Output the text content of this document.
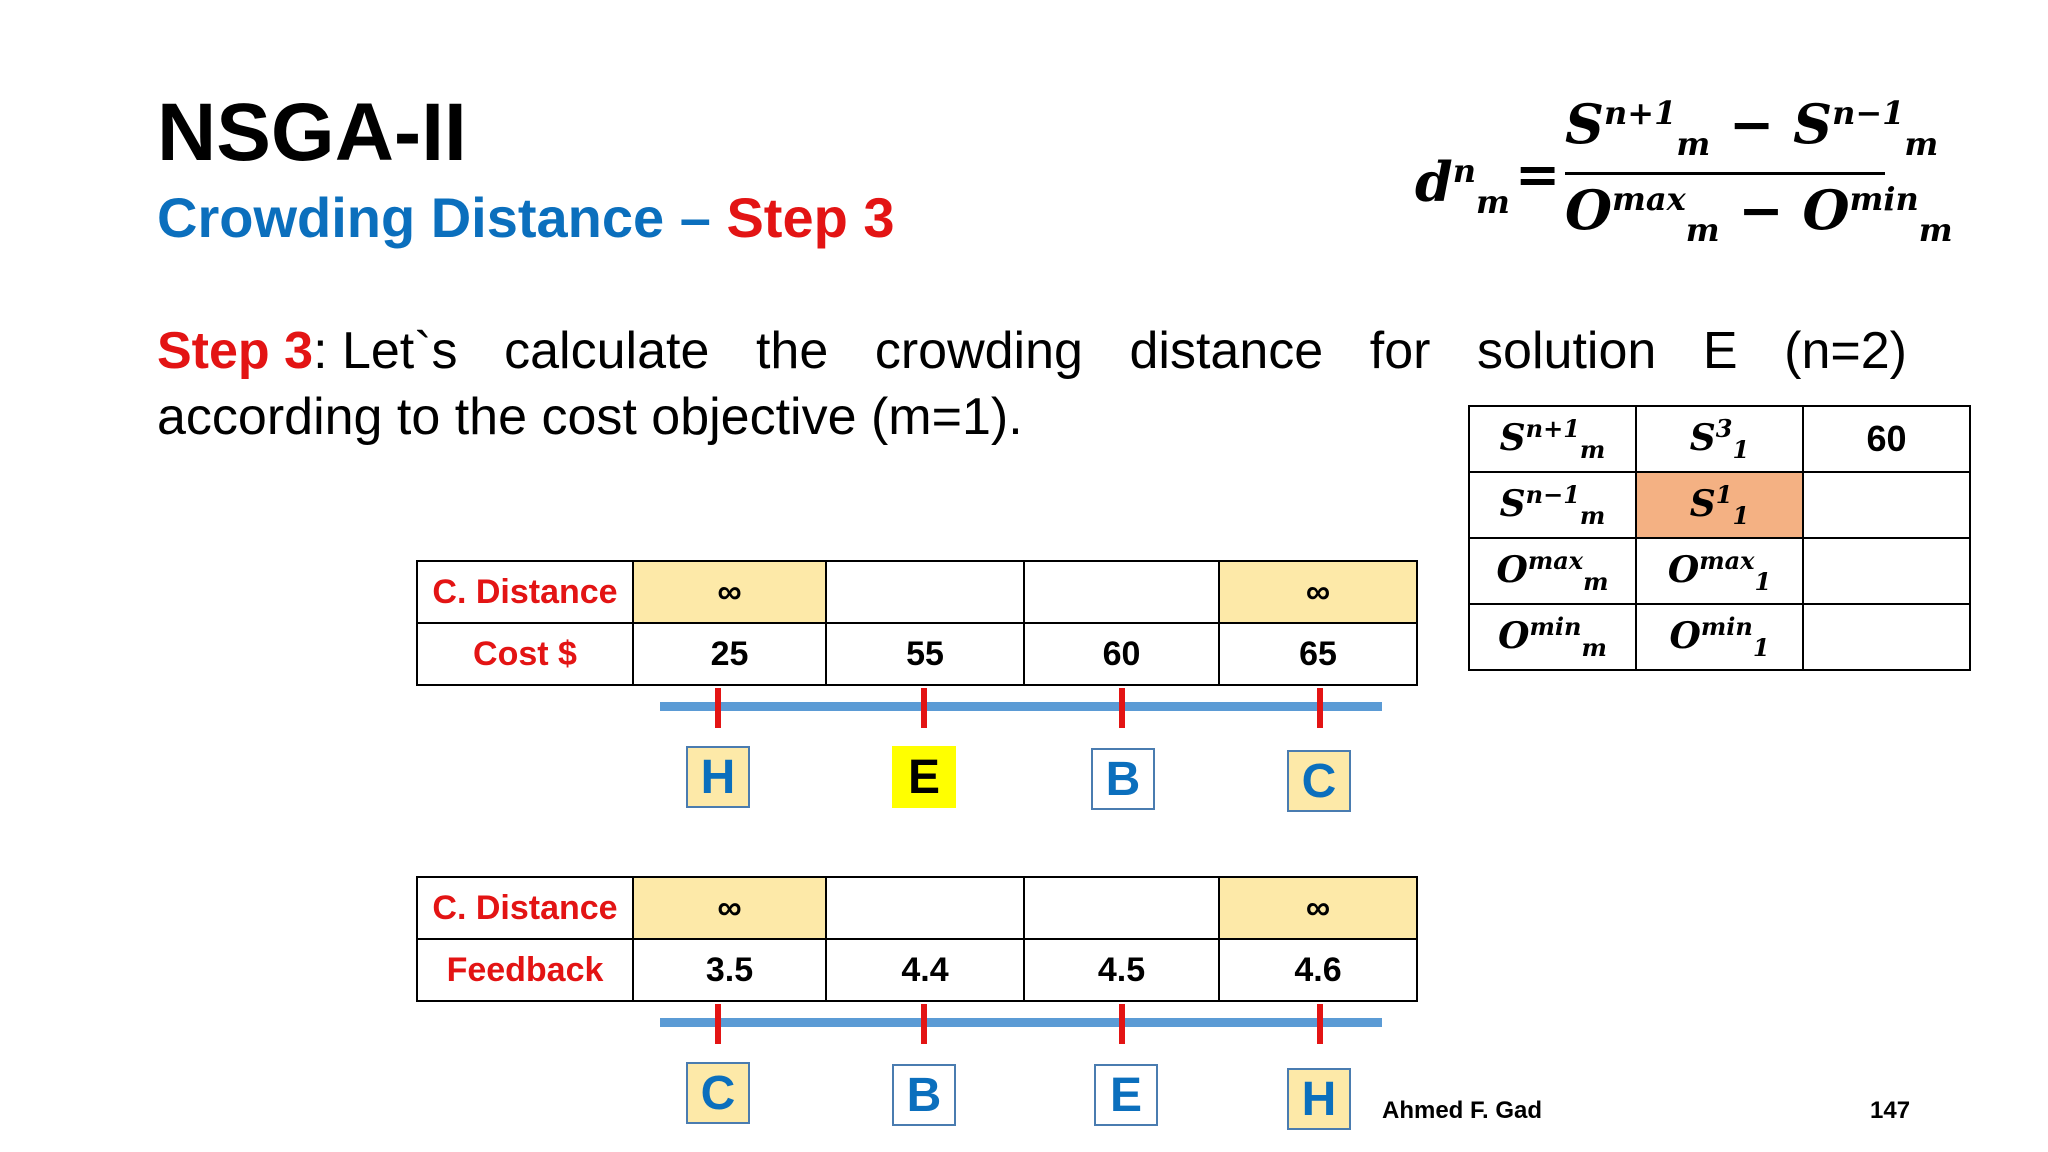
NSGA-II
Crowding Distance – Step 3
$d^n_m$ =
$S^{n+1}_m - S^{n-1}_m$
$O^{max}_m - O^{min}_m$
Step 3: Let`s calculate the crowding distance for solution E (n=2)
according to the cost objective (m=1).	$S^{n+1}_m$	$S^3_1$	60
$S^{n-1}_m$	$S^1_1$	
$O^{max}_m$	$O^{max}_1$	
$O^{min}_m$	$O^{min}_1$	
C. Distance	∞			∞
Cost $	25	55	60	65
H	E	B	C
C. Distance	∞			∞
Feedback	3.5	4.4	4.5	4.6
C	B	E	H	Ahmed F. Gad	147
